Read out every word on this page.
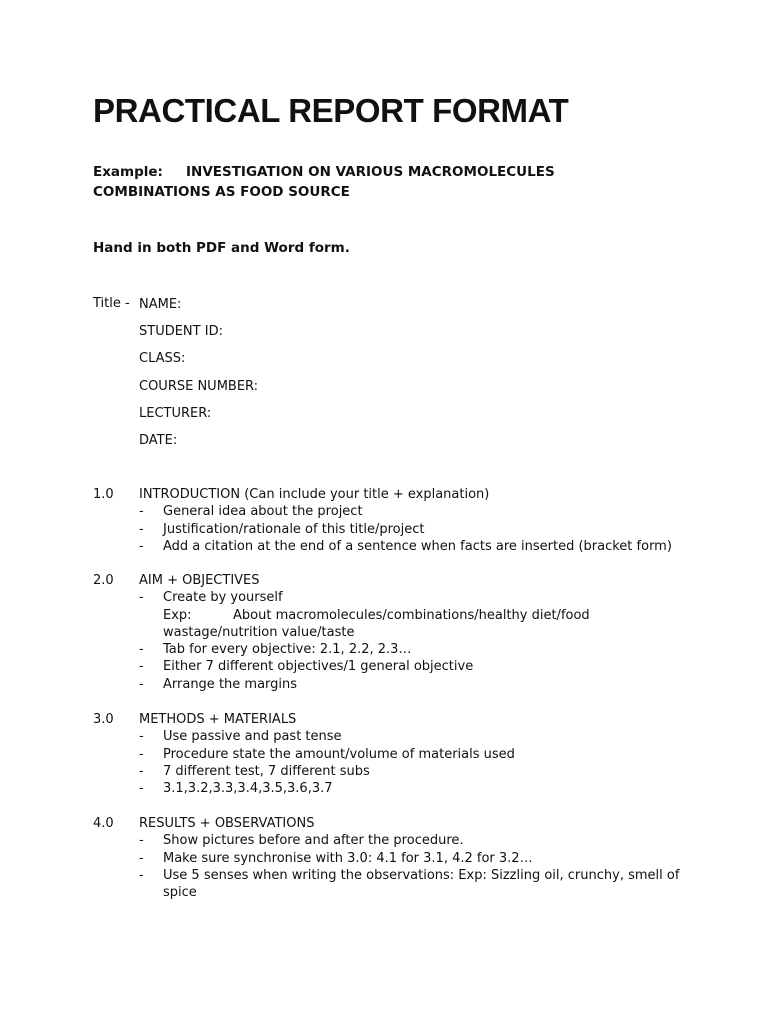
PRACTICAL REPORT FORMAT
Example: INVESTIGATION ON VARIOUS MACROMOLECULES COMBINATIONS AS FOOD SOURCE
Hand in both PDF and Word form.
Title - NAME:
STUDENT ID:
CLASS:
COURSE NUMBER:
LECTURER:
DATE:
1.0 INTRODUCTION (Can include your title + explanation)
- General idea about the project
- Justification/rationale of this title/project
- Add a citation at the end of a sentence when facts are inserted (bracket form)
2.0 AIM + OBJECTIVES
- Create by yourself
Exp:	About macromolecules/combinations/healthy diet/food wastage/nutrition value/taste
- Tab for every objective: 2.1, 2.2, 2.3…
- Either 7 different objectives/1 general objective
- Arrange the margins
3.0 METHODS + MATERIALS
- Use passive and past tense
- Procedure state the amount/volume of materials used
- 7 different test, 7 different subs
- 3.1,3.2,3.3,3.4,3.5,3.6,3.7
4.0 RESULTS + OBSERVATIONS
- Show pictures before and after the procedure.
- Make sure synchronise with 3.0: 4.1 for 3.1, 4.2 for 3.2…
- Use 5 senses when writing the observations: Exp: Sizzling oil, crunchy, smell of spice
